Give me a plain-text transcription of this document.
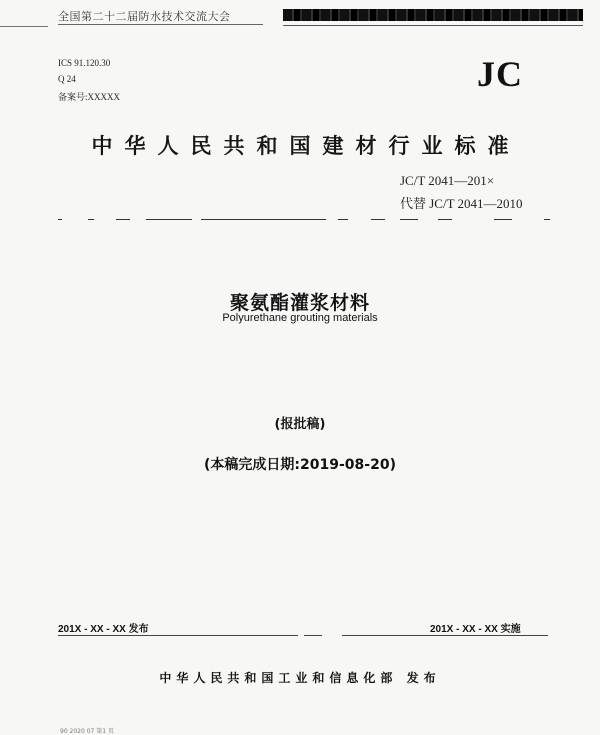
全国第二十二届防水技术交流大会
ICS 91.120.30
Q 24
备案号:XXXXX
JC
中华人民共和国建材行业标准
JC/T 2041—201×
代替 JC/T 2041—2010
聚氨酯灌浆材料
Polyurethane grouting materials
(报批稿)
(本稿完成日期:2019-08-20)
201X - XX - XX 发布	201X - XX - XX 实施
中华人民共和国工业和信息化部 发布
90 2020 07 第1 页
